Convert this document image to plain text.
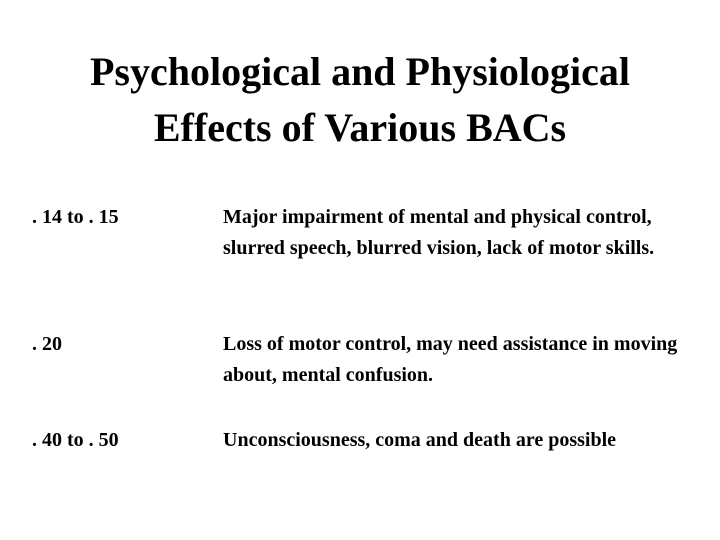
Psychological and Physiological
Effects of Various BACs
. 14 to . 15	Major impairment of mental and physical control, slurred speech, blurred vision, lack of motor skills.
. 20	Loss of motor control, may need assistance in moving about, mental confusion.
. 40 to . 50	Unconsciousness, coma and death are possible
